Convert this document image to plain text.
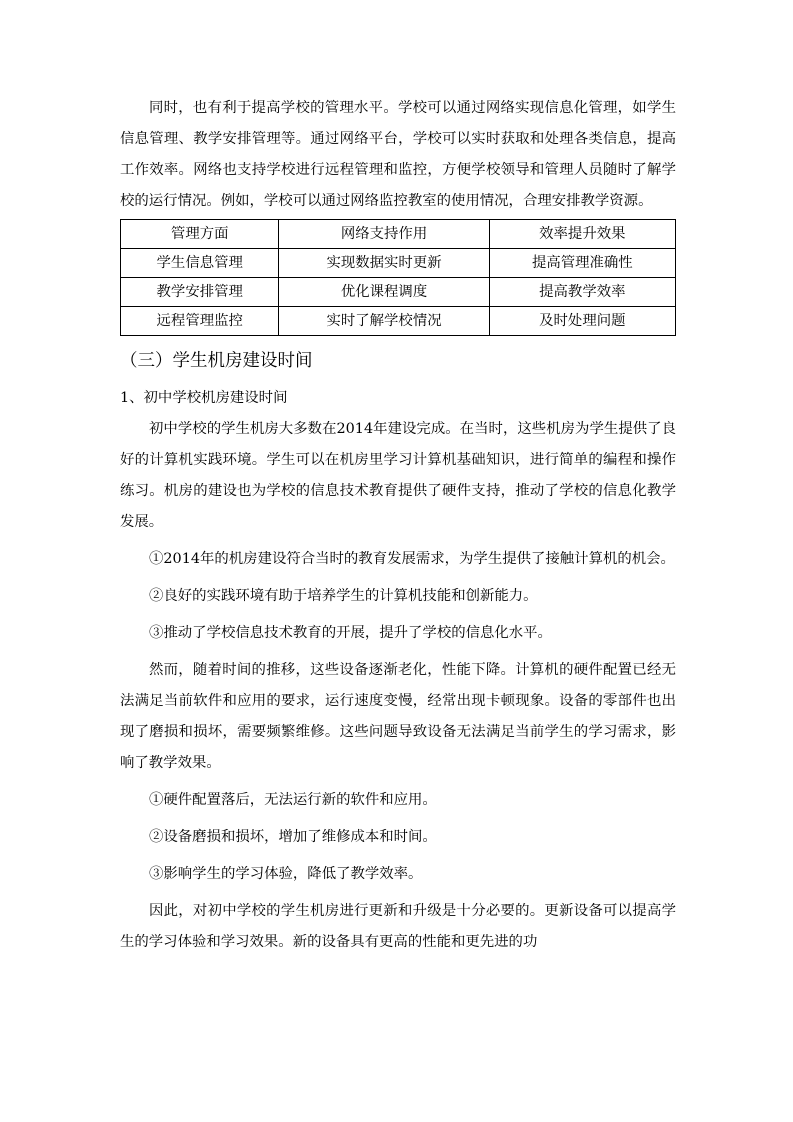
同时，也有利于提高学校的管理水平。学校可以通过网络实现信息化管理，如学生信息管理、教学安排管理等。通过网络平台，学校可以实时获取和处理各类信息，提高工作效率。网络也支持学校进行远程管理和监控，方便学校领导和管理人员随时了解学校的运行情况。例如，学校可以通过网络监控教室的使用情况，合理安排教学资源。

管理方面	网络支持作用	效率提升效果
学生信息管理	实现数据实时更新	提高管理准确性
教学安排管理	优化课程调度	提高教学效率
远程管理监控	实时了解学校情况	及时处理问题
（三）学生机房建设时间
1、初中学校机房建设时间

初中学校的学生机房大多数在2014年建设完成。在当时，这些机房为学生提供了良好的计算机实践环境。学生可以在机房里学习计算机基础知识，进行简单的编程和操作练习。机房的建设也为学校的信息技术教育提供了硬件支持，推动了学校的信息化教学发展。

①2014年的机房建设符合当时的教育发展需求，为学生提供了接触计算机的机会。

②良好的实践环境有助于培养学生的计算机技能和创新能力。

③推动了学校信息技术教育的开展，提升了学校的信息化水平。

然而，随着时间的推移，这些设备逐渐老化，性能下降。计算机的硬件配置已经无法满足当前软件和应用的要求，运行速度变慢，经常出现卡顿现象。设备的零部件也出现了磨损和损坏，需要频繁维修。这些问题导致设备无法满足当前学生的学习需求，影响了教学效果。

①硬件配置落后，无法运行新的软件和应用。

②设备磨损和损坏，增加了维修成本和时间。

③影响学生的学习体验，降低了教学效率。

因此，对初中学校的学生机房进行更新和升级是十分必要的。更新设备可以提高学生的学习体验和学习效果。新的设备具有更高的性能和更先进的功
